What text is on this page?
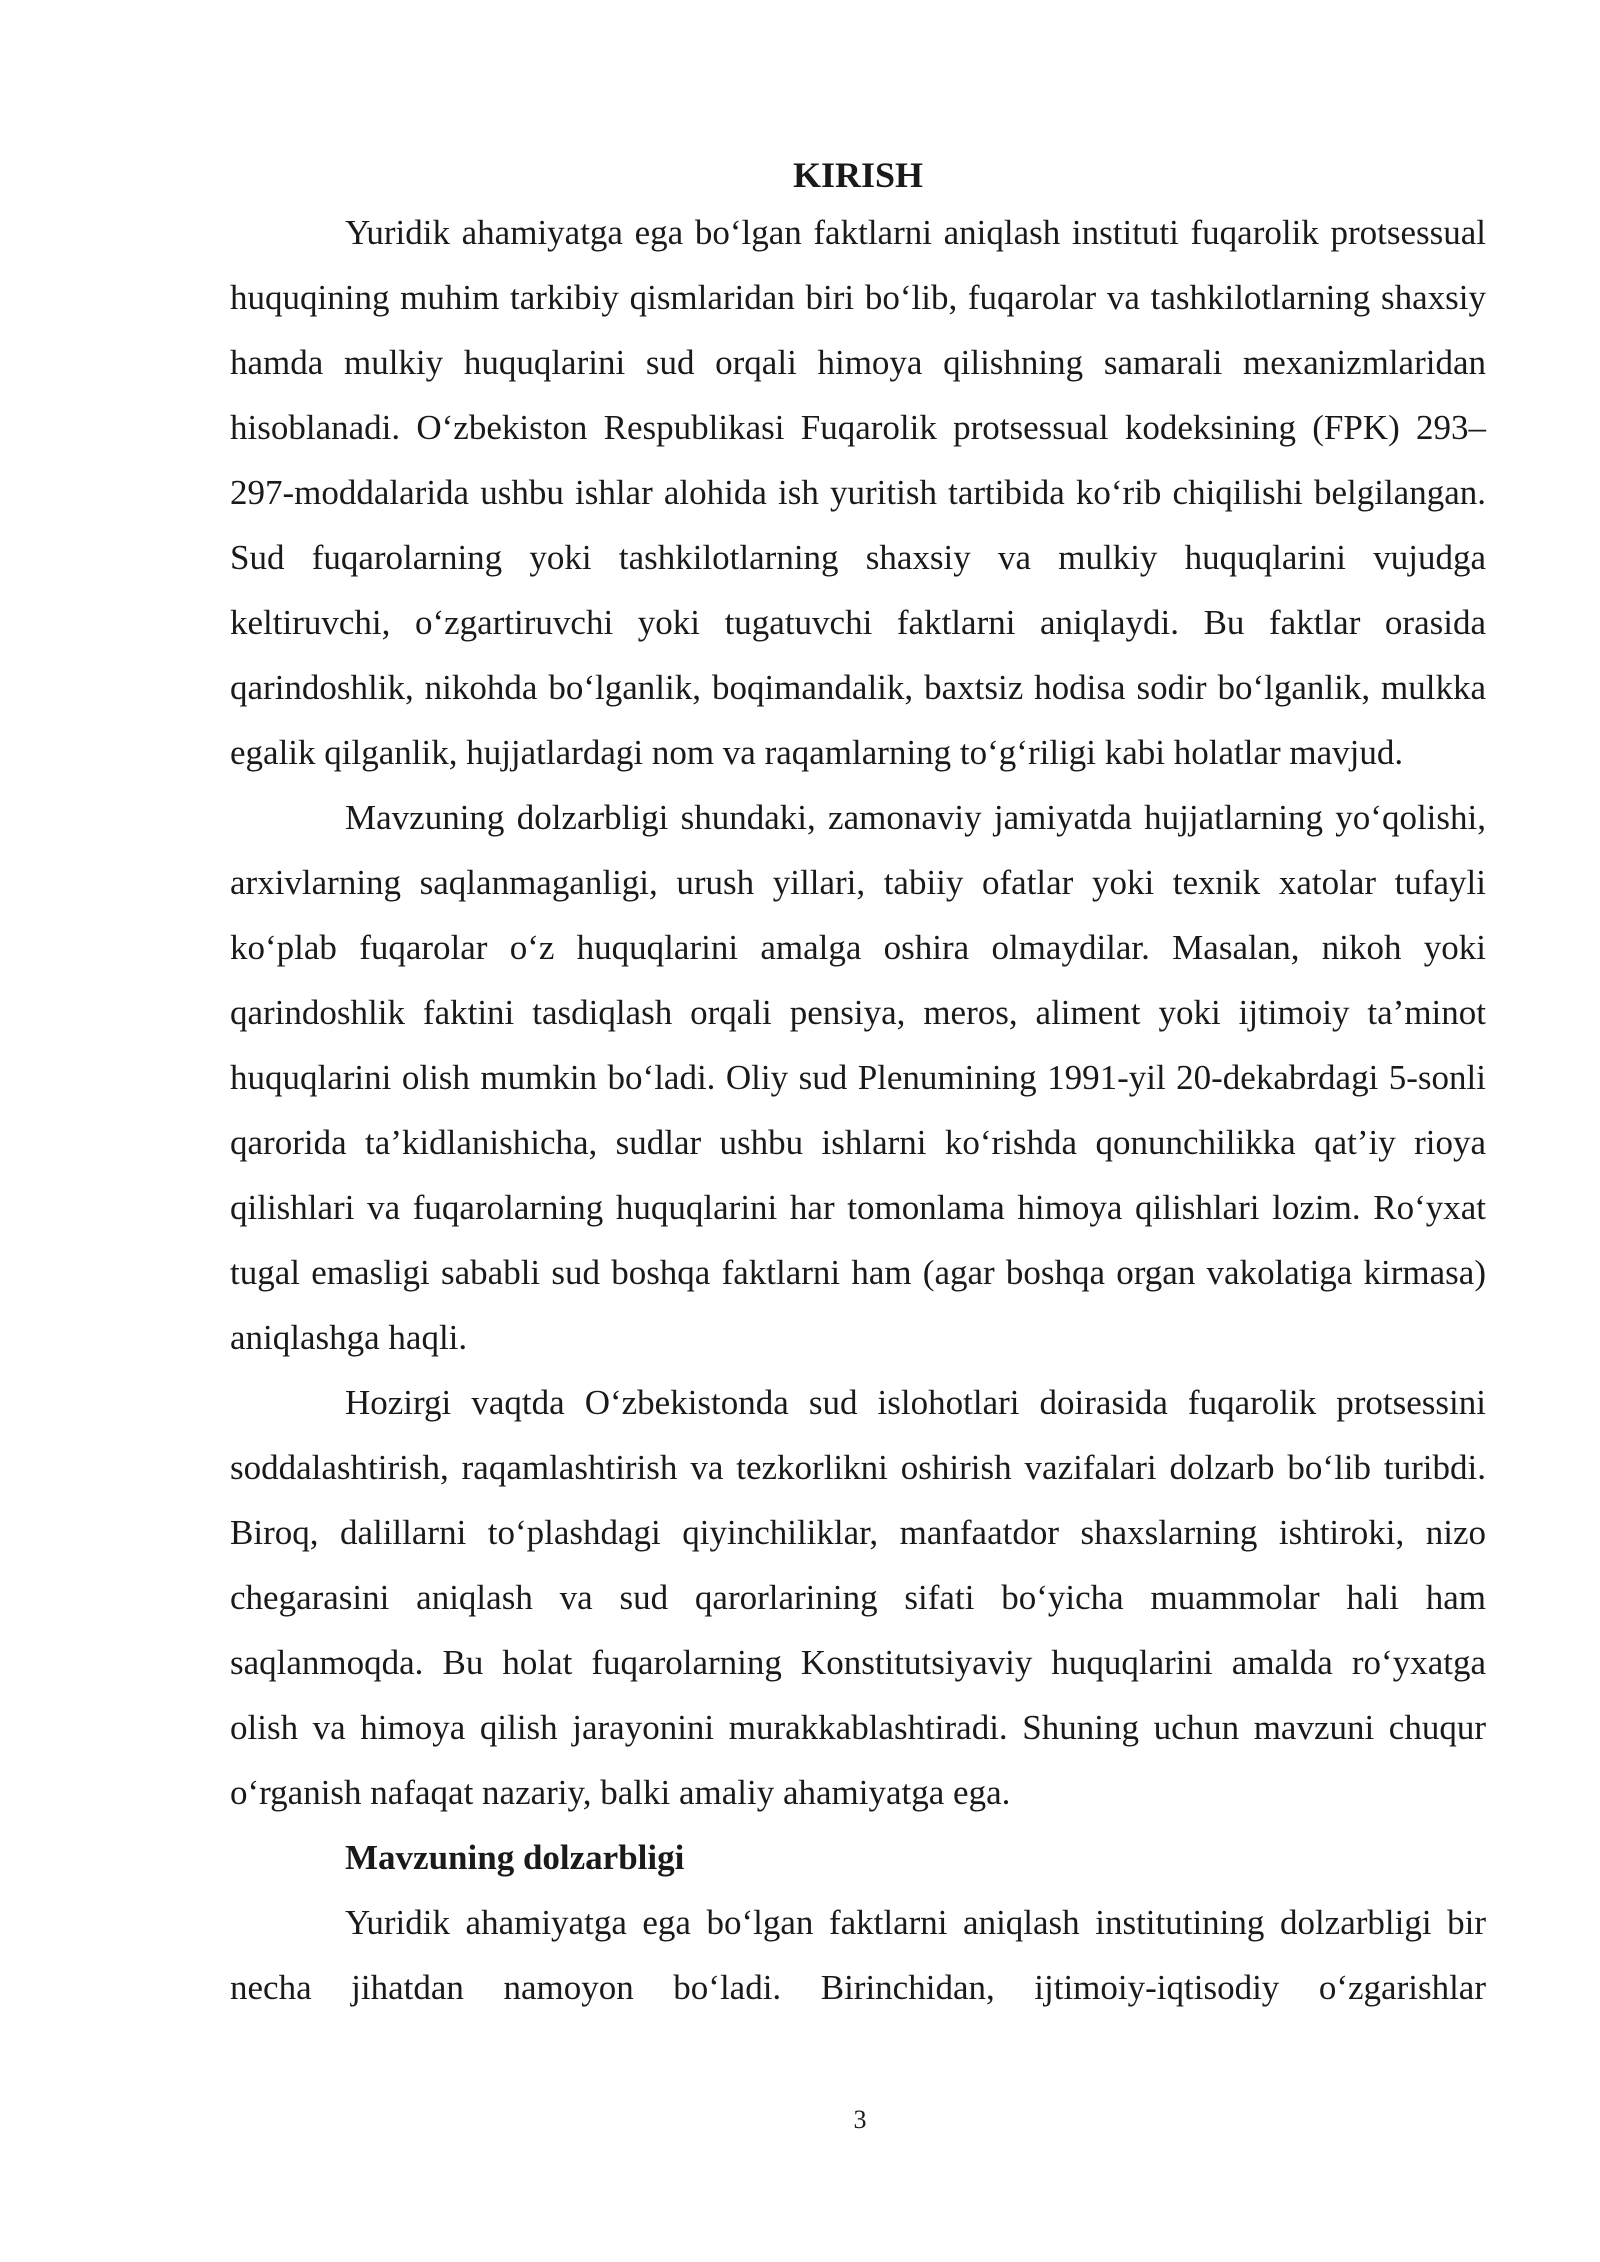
KIRISH

Yuridik ahamiyatga ega bo‘lgan faktlarni aniqlash instituti fuqarolik protsessual huquqining muhim tarkibiy qismlaridan biri bo‘lib, fuqarolar va tashkilotlarning shaxsiy hamda mulkiy huquqlarini sud orqali himoya qilishning samarali mexanizmlaridan hisoblanadi. O‘zbekiston Respublikasi Fuqarolik protsessual kodeksining (FPK) 293–297-moddalarida ushbu ishlar alohida ish yuritish tartibida ko‘rib chiqilishi belgilangan. Sud fuqarolarning yoki tashkilotlarning shaxsiy va mulkiy huquqlarini vujudga keltiruvchi, o‘zgartiruvchi yoki tugatuvchi faktlarni aniqlaydi. Bu faktlar orasida qarindoshlik, nikohda bo‘lganlik, boqimandalik, baxtsiz hodisa sodir bo‘lganlik, mulkka egalik qilganlik, hujjatlardagi nom va raqamlarning to‘g‘riligi kabi holatlar mavjud.

Mavzuning dolzarbligi shundaki, zamonaviy jamiyatda hujjatlarning yo‘qolishi, arxivlarning saqlanmaganligi, urush yillari, tabiiy ofatlar yoki texnik xatolar tufayli ko‘plab fuqarolar o‘z huquqlarini amalga oshira olmaydilar. Masalan, nikoh yoki qarindoshlik faktini tasdiqlash orqali pensiya, meros, aliment yoki ijtimoiy ta’minot huquqlarini olish mumkin bo‘ladi. Oliy sud Plenumining 1991-yil 20-dekabrdagi 5-sonli qarorida ta’kidlanishicha, sudlar ushbu ishlarni ko‘rishda qonunchilikka qat’iy rioya qilishlari va fuqarolarning huquqlarini har tomonlama himoya qilishlari lozim. Ro‘yxat tugal emasligi sababli sud boshqa faktlarni ham (agar boshqa organ vakolatiga kirmasa) aniqlashga haqli.

Hozirgi vaqtda O‘zbekistonda sud islohotlari doirasida fuqarolik protsessini soddalashtirish, raqamlashtirish va tezkorlikni oshirish vazifalari dolzarb bo‘lib turibdi. Biroq, dalillarni to‘plashdagi qiyinchiliklar, manfaatdor shaxslarning ishtiroki, nizo chegarasini aniqlash va sud qarorlarining sifati bo‘yicha muammolar hali ham saqlanmoqda. Bu holat fuqarolarning Konstitutsiyaviy huquqlarini amalda ro‘yxatga olish va himoya qilish jarayonini murakkablashtiradi. Shuning uchun mavzuni chuqur o‘rganish nafaqat nazariy, balki amaliy ahamiyatga ega.

Mavzuning dolzarbligi

Yuridik ahamiyatga ega bo‘lgan faktlarni aniqlash institutining dolzarbligi bir necha jihatdan namoyon bo‘ladi. Birinchidan, ijtimoiy-iqtisodiy o‘zgarishlar

3
